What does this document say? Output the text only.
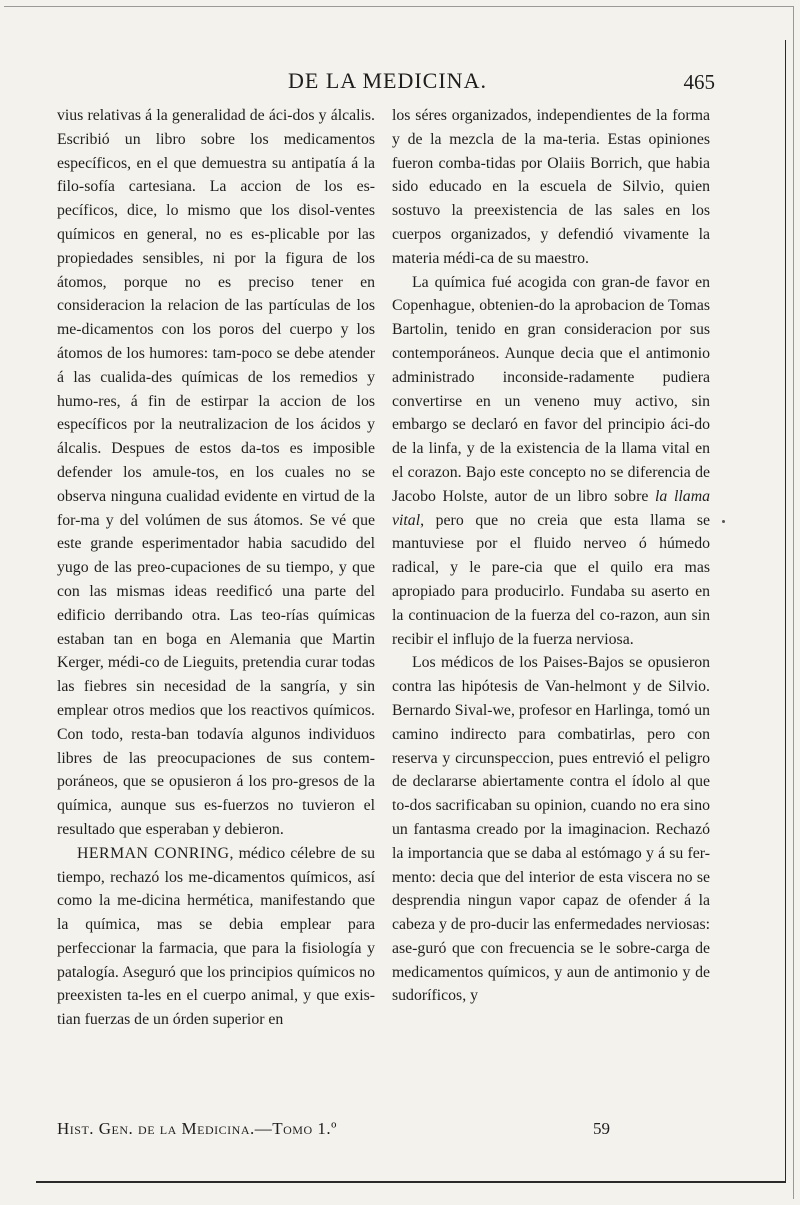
DE LA MEDICINA.	465

vius relativas á la generalidad de áci-dos y álcalis. Escribió un libro sobre los medicamentos específicos, en el que demuestra su antipatía á la filo-sofía cartesiana. La accion de los es-pecíficos, dice, lo mismo que los disol-ventes químicos en general, no es es-plicable por las propiedades sensibles, ni por la figura de los átomos, porque no es preciso tener en consideracion la relacion de las partículas de los me-dicamentos con los poros del cuerpo y los átomos de los humores: tam-poco se debe atender á las cualida-des químicas de los remedios y humo-res, á fin de estirpar la accion de los específicos por la neutralizacion de los ácidos y álcalis. Despues de estos da-tos es imposible defender los amule-tos, en los cuales no se observa ninguna cualidad evidente en virtud de la for-ma y del volúmen de sus átomos. Se vé que este grande esperimentador habia sacudido del yugo de las preo-cupaciones de su tiempo, y que con las mismas ideas reedificó una parte del edificio derribando otra. Las teo-rías químicas estaban tan en boga en Alemania que Martin Kerger, médi-co de Lieguits, pretendia curar todas las fiebres sin necesidad de la sangría, y sin emplear otros medios que los reactivos químicos. Con todo, resta-ban todavía algunos individuos libres de las preocupaciones de sus contem-poráneos, que se opusieron á los pro-gresos de la química, aunque sus es-fuerzos no tuvieron el resultado que esperaban y debieron.

HERMAN CONRING, médico célebre de su tiempo, rechazó los me-dicamentos químicos, así como la me-dicina hermética, manifestando que la química, mas se debia emplear para perfeccionar la farmacia, que para la fisiología y patalogía. Aseguró que los principios químicos no preexisten ta-les en el cuerpo animal, y que exis-tian fuerzas de un órden superior en

los séres organizados, independientes de la forma y de la mezcla de la ma-teria. Estas opiniones fueron comba-tidas por Olaiis Borrich, que habia sido educado en la escuela de Silvio, quien sostuvo la preexistencia de las sales en los cuerpos organizados, y defendió vivamente la materia médi-ca de su maestro.

La química fué acogida con gran-de favor en Copenhague, obtenien-do la aprobacion de Tomas Bartolin, tenido en gran consideracion por sus contemporáneos. Aunque decia que el antimonio administrado inconside-radamente pudiera convertirse en un veneno muy activo, sin embargo se declaró en favor del principio áci-do de la linfa, y de la existencia de la llama vital en el corazon. Bajo este concepto no se diferencia de Jacobo Holste, autor de un libro sobre la llama vital, pero que no creia que esta llama se mantuviese por el fluido nerveo ó húmedo radical, y le pare-cia que el quilo era mas apropiado para producirlo. Fundaba su aserto en la continuacion de la fuerza del co-razon, aun sin recibir el influjo de la fuerza nerviosa.

Los médicos de los Paises-Bajos se opusieron contra las hipótesis de Van-helmont y de Silvio. Bernardo Sival-we, profesor en Harlinga, tomó un camino indirecto para combatirlas, pero con reserva y circunspeccion, pues entrevió el peligro de declararse abiertamente contra el ídolo al que to-dos sacrificaban su opinion, cuando no era sino un fantasma creado por la imaginacion. Rechazó la importancia que se daba al estómago y á su fer-mento: decia que del interior de esta viscera no se desprendia ningun vapor capaz de ofender á la cabeza y de pro-ducir las enfermedades nerviosas: ase-guró que con frecuencia se le sobre-carga de medicamentos químicos, y aun de antimonio y de sudoríficos, y

Hist. Gen. de la Medicina.—Tomo 1.º	59
